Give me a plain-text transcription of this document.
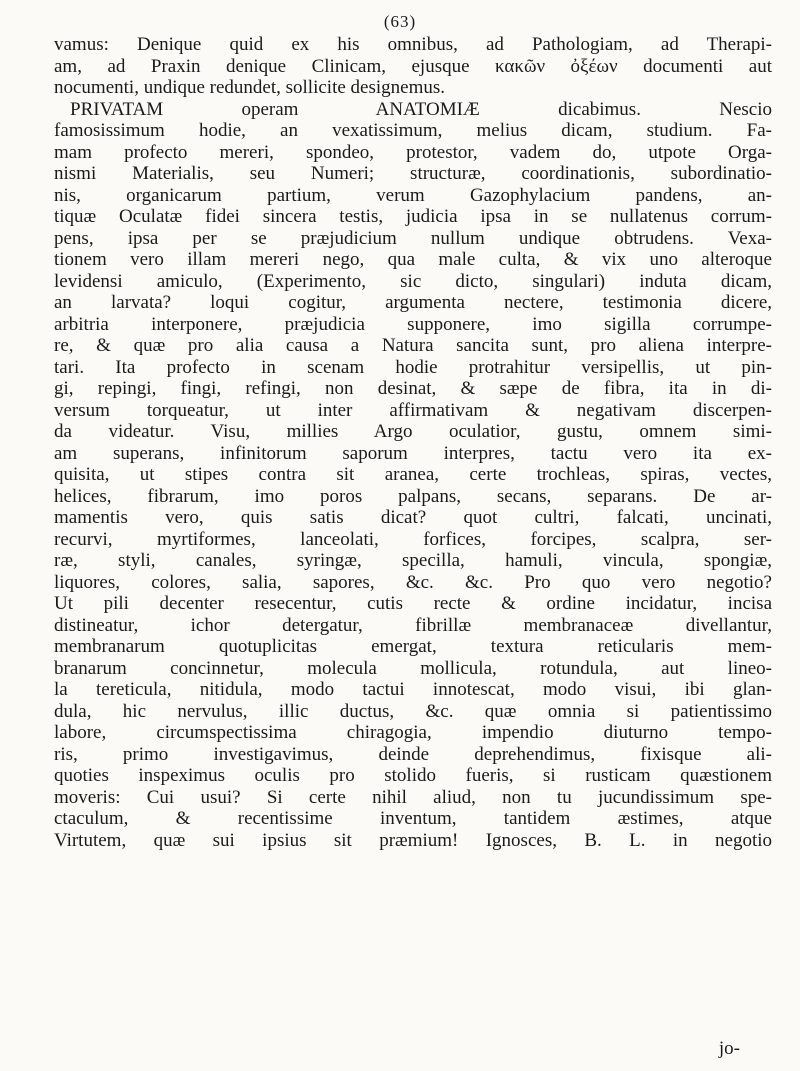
(63)
vamus: Denique quid ex his omnibus, ad Pathologiam, ad Therapi-
am, ad Praxin denique Clinicam, ejusque κακῶν ὀξέων documenti aut
nocumenti, undique redundet, sollicite designemus.
PRIVATAM operam ANATOMIÆ dicabimus. Nescio
famosissimum hodie, an vexatissimum, melius dicam, studium. Fa-
mam profecto mereri, spondeo, protestor, vadem do, utpote Orga-
nismi Materialis, seu Numeri; structuræ, coordinationis, subordinatio-
nis, organicarum partium, verum Gazophylacium pandens, an-
tiquæ Oculatæ fidei sincera testis, judicia ipsa in se nullatenus corrum-
pens, ipsa per se præjudicium nullum undique obtrudens. Vexa-
tionem vero illam mereri nego, qua male culta, & vix uno alteroque
levidensi amiculo, (Experimento, sic dicto, singulari) induta dicam,
an larvata? loqui cogitur, argumenta nectere, testimonia dicere,
arbitria interponere, præjudicia supponere, imo sigilla corrumpe-
re, & quæ pro alia causa a Natura sancita sunt, pro aliena interpre-
tari. Ita profecto in scenam hodie protrahitur versipellis, ut pin-
gi, repingi, fingi, refingi, non desinat, & sæpe de fibra, ita in di-
versum torqueatur, ut inter affirmativam & negativam discerpen-
da videatur. Visu, millies Argo oculatior, gustu, omnem simi-
am superans, infinitorum saporum interpres, tactu vero ita ex-
quisita, ut stipes contra sit aranea, certe trochleas, spiras, vectes,
helices, fibrarum, imo poros palpans, secans, separans. De ar-
mamentis vero, quis satis dicat? quot cultri, falcati, uncinati,
recurvi, myrtiformes, lanceolati, forfices, forcipes, scalpra, ser-
ræ, styli, canales, syringæ, specilla, hamuli, vincula, spongiæ,
liquores, colores, salia, sapores, &c. &c. Pro quo vero negotio?
Ut pili decenter resecentur, cutis recte & ordine incidatur, incisa
distineatur, ichor detergatur, fibrillæ membranaceæ divellantur,
membranarum quotuplicitas emergat, textura reticularis mem-
branarum concinnetur, molecula mollicula, rotundula, aut lineo-
la tereticula, nitidula, modo tactui innotescat, modo visui, ibi glan-
dula, hic nervulus, illic ductus, &c. quæ omnia si patientissimo
labore, circumspectissima chiragogia, impendio diuturno tempo-
ris, primo investigavimus, deinde deprehendimus, fixisque ali-
quoties inspeximus oculis pro stolido fueris, si rusticam quæstionem
moveris: Cui usui? Si certe nihil aliud, non tu jucundissimum spe-
ctaculum, & recentissime inventum, tantidem æstimes, atque
Virtutem, quæ sui ipsius sit præmium! Ignosces, B. L. in negotio
jo-
